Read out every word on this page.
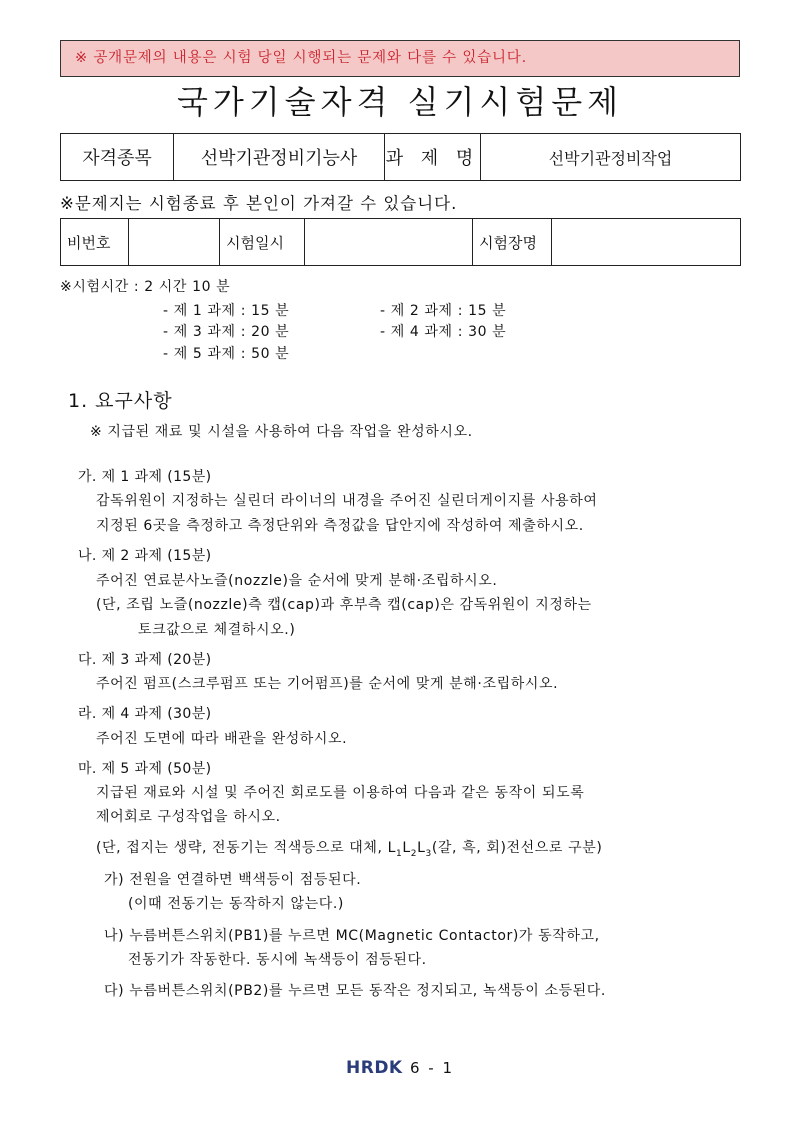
※ 공개문제의 내용은 시험 당일 시행되는 문제와 다를 수 있습니다.
국가기술자격 실기시험문제
자격종목	선박기관정비기능사	과 제 명	선박기관정비작업
※문제지는 시험종료 후 본인이 가져갈 수 있습니다.
비번호		시험일시		시험장명	
※시험시간 : 2 시간 10 분
- 제 1 과제 : 15 분	- 제 2 과제 : 15 분
- 제 3 과제 : 20 분	- 제 4 과제 : 30 분
- 제 5 과제 : 50 분
1. 요구사항
※ 지급된 재료 및 시설을 사용하여 다음 작업을 완성하시오.
가. 제 1 과제 (15분)
감독위원이 지정하는 실린더 라이너의 내경을 주어진 실린더게이지를 사용하여
지정된 6곳을 측정하고 측정단위와 측정값을 답안지에 작성하여 제출하시오.
나. 제 2 과제 (15분)
주어진 연료분사노즐(nozzle)을 순서에 맞게 분해·조립하시오.
(단, 조립 노즐(nozzle)측 캡(cap)과 후부측 캡(cap)은 감독위원이 지정하는
토크값으로 체결하시오.)
다. 제 3 과제 (20분)
주어진 펌프(스크루펌프 또는 기어펌프)를 순서에 맞게 분해·조립하시오.
라. 제 4 과제 (30분)
주어진 도면에 따라 배관을 완성하시오.
마. 제 5 과제 (50분)
지급된 재료와 시설 및 주어진 회로도를 이용하여 다음과 같은 동작이 되도록
제어회로 구성작업을 하시오.
(단, 접지는 생략, 전동기는 적색등으로 대체, $L_1L_2L_3$(갈, 흑, 회)전선으로 구분)
가) 전원을 연결하면 백색등이 점등된다.
(이때 전동기는 동작하지 않는다.)
나) 누름버튼스위치(PB1)를 누르면 MC(Magnetic Contactor)가 동작하고,
전동기가 작동한다. 동시에 녹색등이 점등된다.
다) 누름버튼스위치(PB2)를 누르면 모든 동작은 정지되고, 녹색등이 소등된다.
HRDK 6 - 1
